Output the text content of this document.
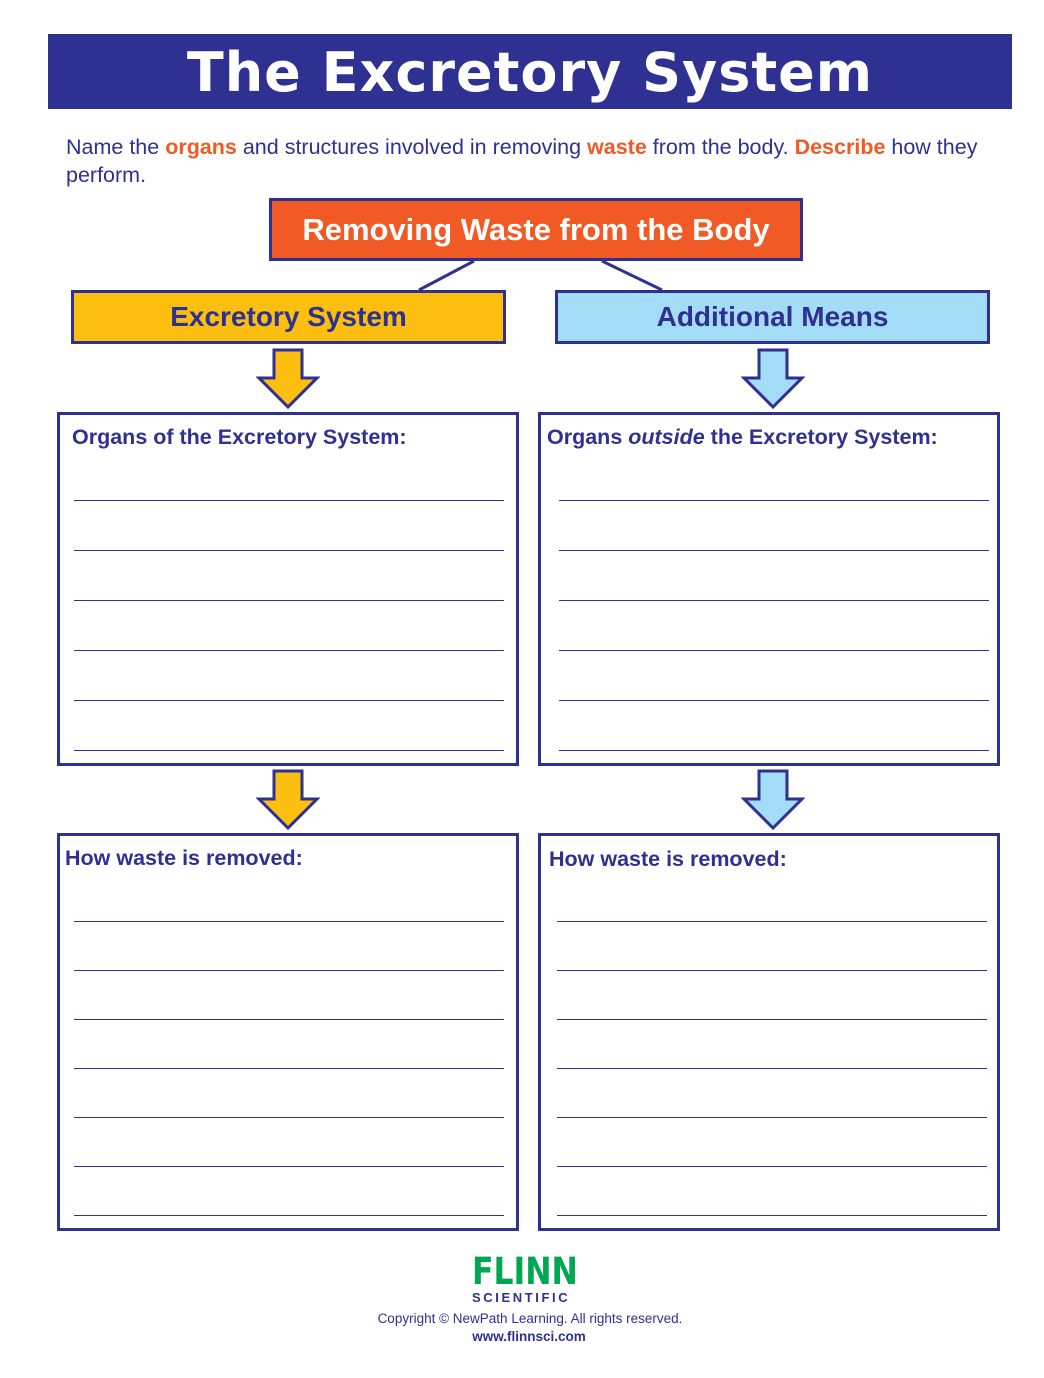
The Excretory System
Name the organs and structures involved in removing waste from the body. Describe how they perform.
Removing Waste from the Body
Excretory System	Additional Means
Organs of the Excretory System:	Organs outside the Excretory System:
How waste is removed:	How waste is removed:
FLINN
SCIENTIFIC
Copyright © NewPath Learning. All rights reserved.
www.flinnsci.com
